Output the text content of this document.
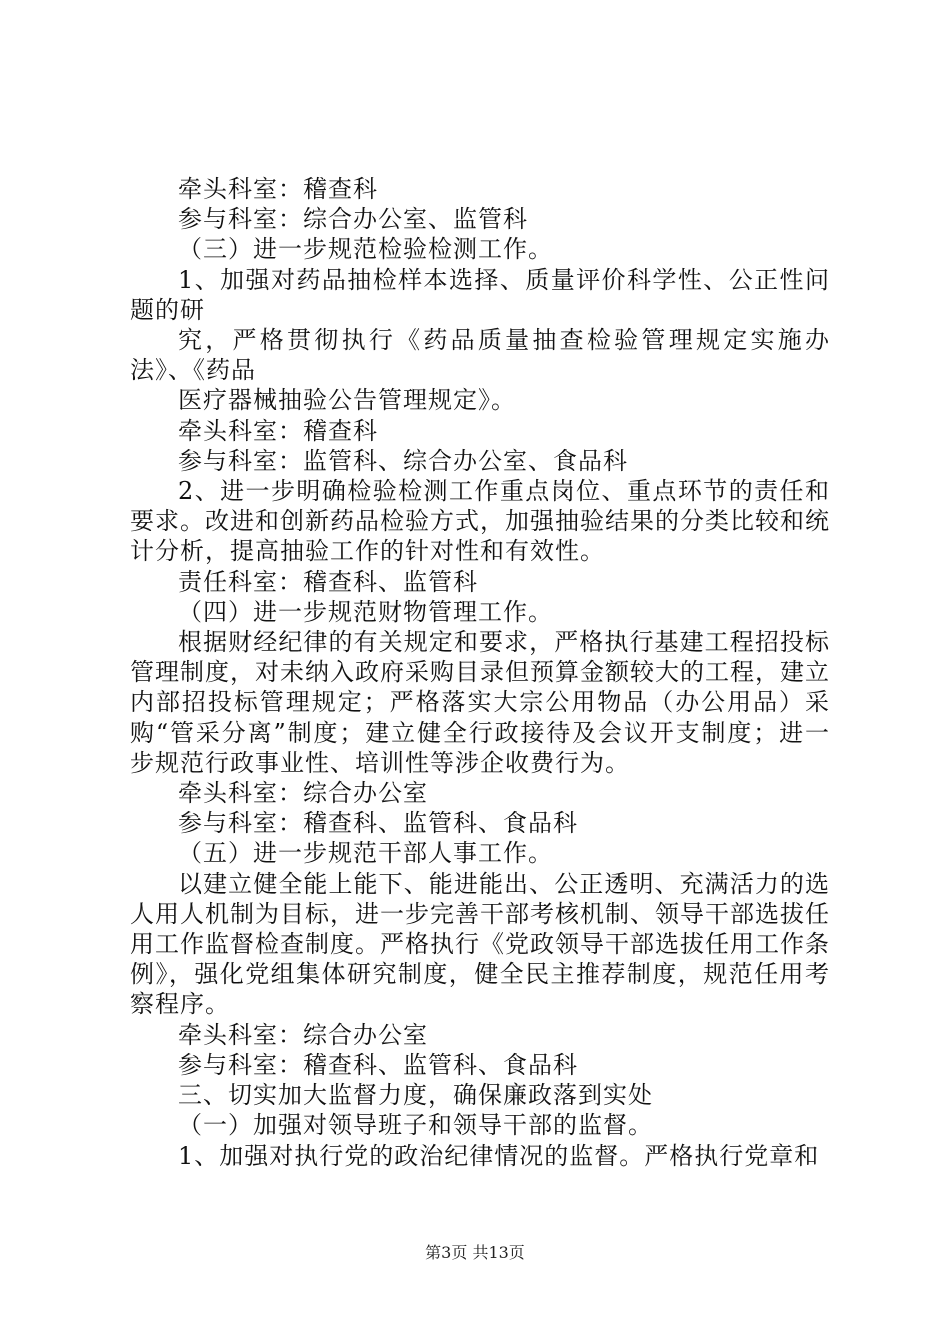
牵头科室：稽查科

参与科室：综合办公室、监管科

（三）进一步规范检验检测工作。

1、加强对药品抽检样本选择、质量评价科学性、公正性问题的研

究，严格贯彻执行《药品质量抽查检验管理规定实施办法》、《药品

医疗器械抽验公告管理规定》。

牵头科室：稽查科

参与科室：监管科、综合办公室、食品科

2、进一步明确检验检测工作重点岗位、重点环节的责任和要求。改进和创新药品检验方式，加强抽验结果的分类比较和统计分析，提高抽验工作的针对性和有效性。

责任科室：稽查科、监管科

（四）进一步规范财物管理工作。

根据财经纪律的有关规定和要求，严格执行基建工程招投标管理制度，对未纳入政府采购目录但预算金额较大的工程，建立内部招投标管理规定；严格落实大宗公用物品（办公用品）采购“管采分离”制度；建立健全行政接待及会议开支制度；进一步规范行政事业性、培训性等涉企收费行为。

牵头科室：综合办公室

参与科室：稽查科、监管科、食品科

（五）进一步规范干部人事工作。

以建立健全能上能下、能进能出、公正透明、充满活力的选人用人机制为目标，进一步完善干部考核机制、领导干部选拔任用工作监督检查制度。严格执行《党政领导干部选拔任用工作条例》，强化党组集体研究制度，健全民主推荐制度，规范任用考察程序。

牵头科室：综合办公室

参与科室：稽查科、监管科、食品科

三、切实加大监督力度，确保廉政落到实处

（一）加强对领导班子和领导干部的监督。

1、加强对执行党的政治纪律情况的监督。严格执行党章和

第3页 共13页
